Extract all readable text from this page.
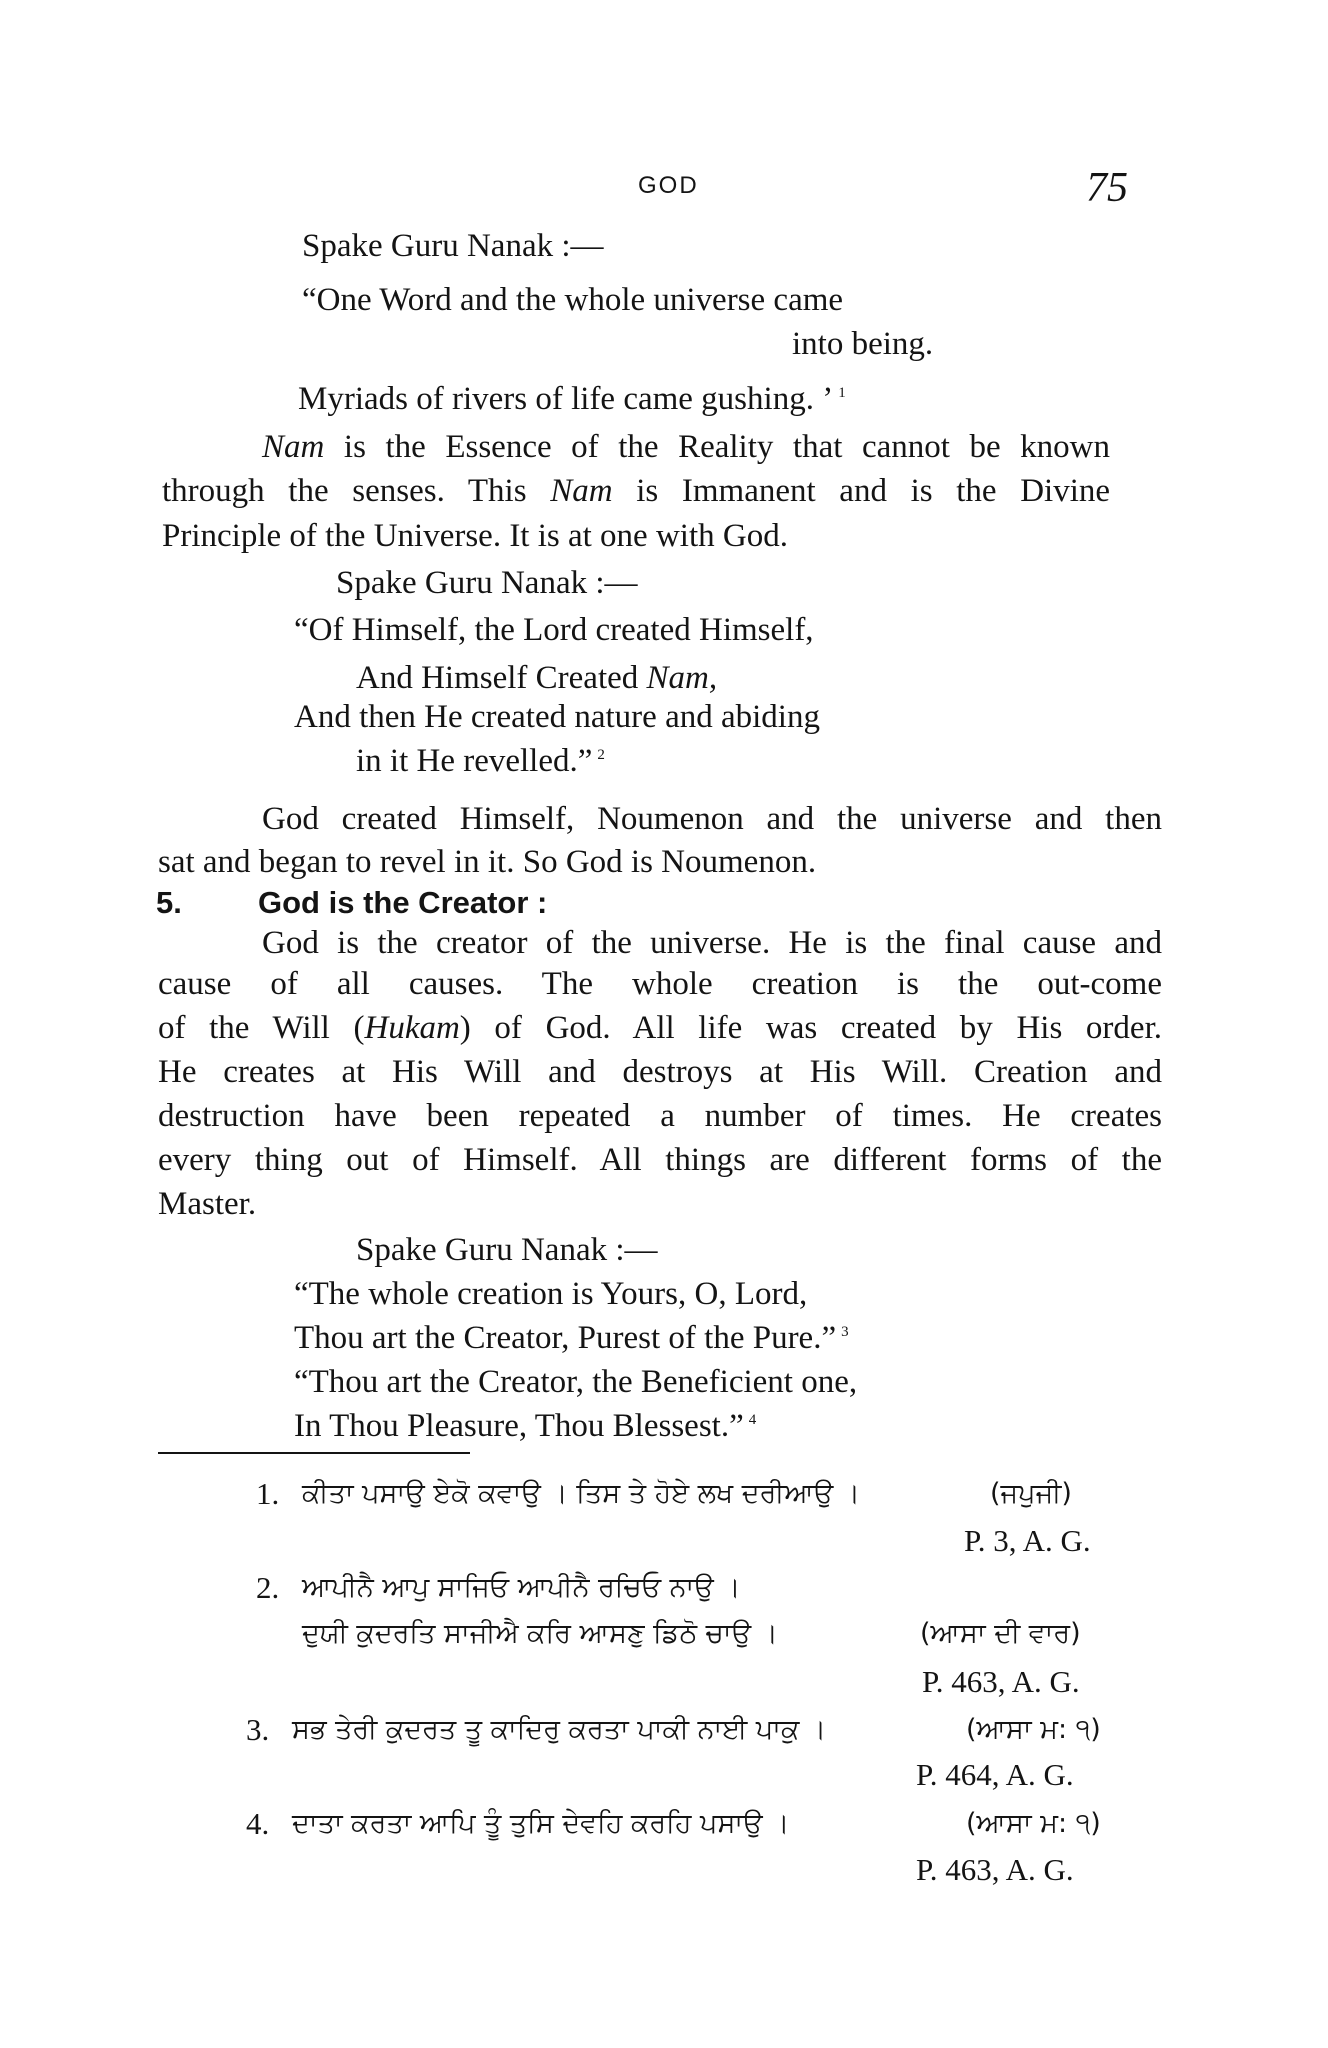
GOD	75
Spake Guru Nanak :—
“One Word and the whole universe came
into being.
Myriads of rivers of life came gushing. ’ $^1$
Nam is the Essence of the Reality that cannot be known
through the senses. This Nam is Immanent and is the Divine
Principle of the Universe. It is at one with God.
Spake Guru Nanak :—
“Of Himself, the Lord created Himself,
And Himself Created Nam,
And then He created nature and abiding
in it He revelled.” $^2$
God created Himself, Noumenon and the universe and then
sat and began to revel in it. So God is Noumenon.
5. God is the Creator :
God is the creator of the universe. He is the final cause and
cause of all causes. The whole creation is the out-come
of the Will (Hukam) of God. All life was created by His order.
He creates at His Will and destroys at His Will. Creation and
destruction have been repeated a number of times. He creates
every thing out of Himself. All things are different forms of the
Master.
Spake Guru Nanak :—
“The whole creation is Yours, O, Lord,
Thou art the Creator, Purest of the Pure.” $^3$
“Thou art the Creator, the Beneficient one,
In Thou Pleasure, Thou Blessest.” $^4$
1. ਕੀਤਾ ਪਸਾਉ ਏਕੋ ਕਵਾਉ । ਤਿਸ ਤੇ ਹੋਏ ਲਖ ਦਰੀਆਉ ।	(ਜਪੁਜੀ)
P. 3, A. G.
2. ਆਪੀਨੈ ਆਪੁ ਸਾਜਿਓ ਆਪੀਨੈ ਰਚਿਓ ਨਾਉ ।
ਦੁਯੀ ਕੁਦਰਤਿ ਸਾਜੀਐ ਕਰਿ ਆਸਣੁ ਡਿਠੋ ਚਾਉ ।	(ਆਸਾ ਦੀ ਵਾਰ)
P. 463, A. G.
3. ਸਭ ਤੇਰੀ ਕੁਦਰਤ ਤੂ ਕਾਦਿਰੁ ਕਰਤਾ ਪਾਕੀ ਨਾਈ ਪਾਕੁ ।	(ਆਸਾ ਮ: ੧)
P. 464, A. G.
4. ਦਾਤਾ ਕਰਤਾ ਆਪਿ ਤੂੰ ਤੁਸਿ ਦੇਵਹਿ ਕਰਹਿ ਪਸਾਉ ।	(ਆਸਾ ਮ: ੧)
P. 463, A. G.
